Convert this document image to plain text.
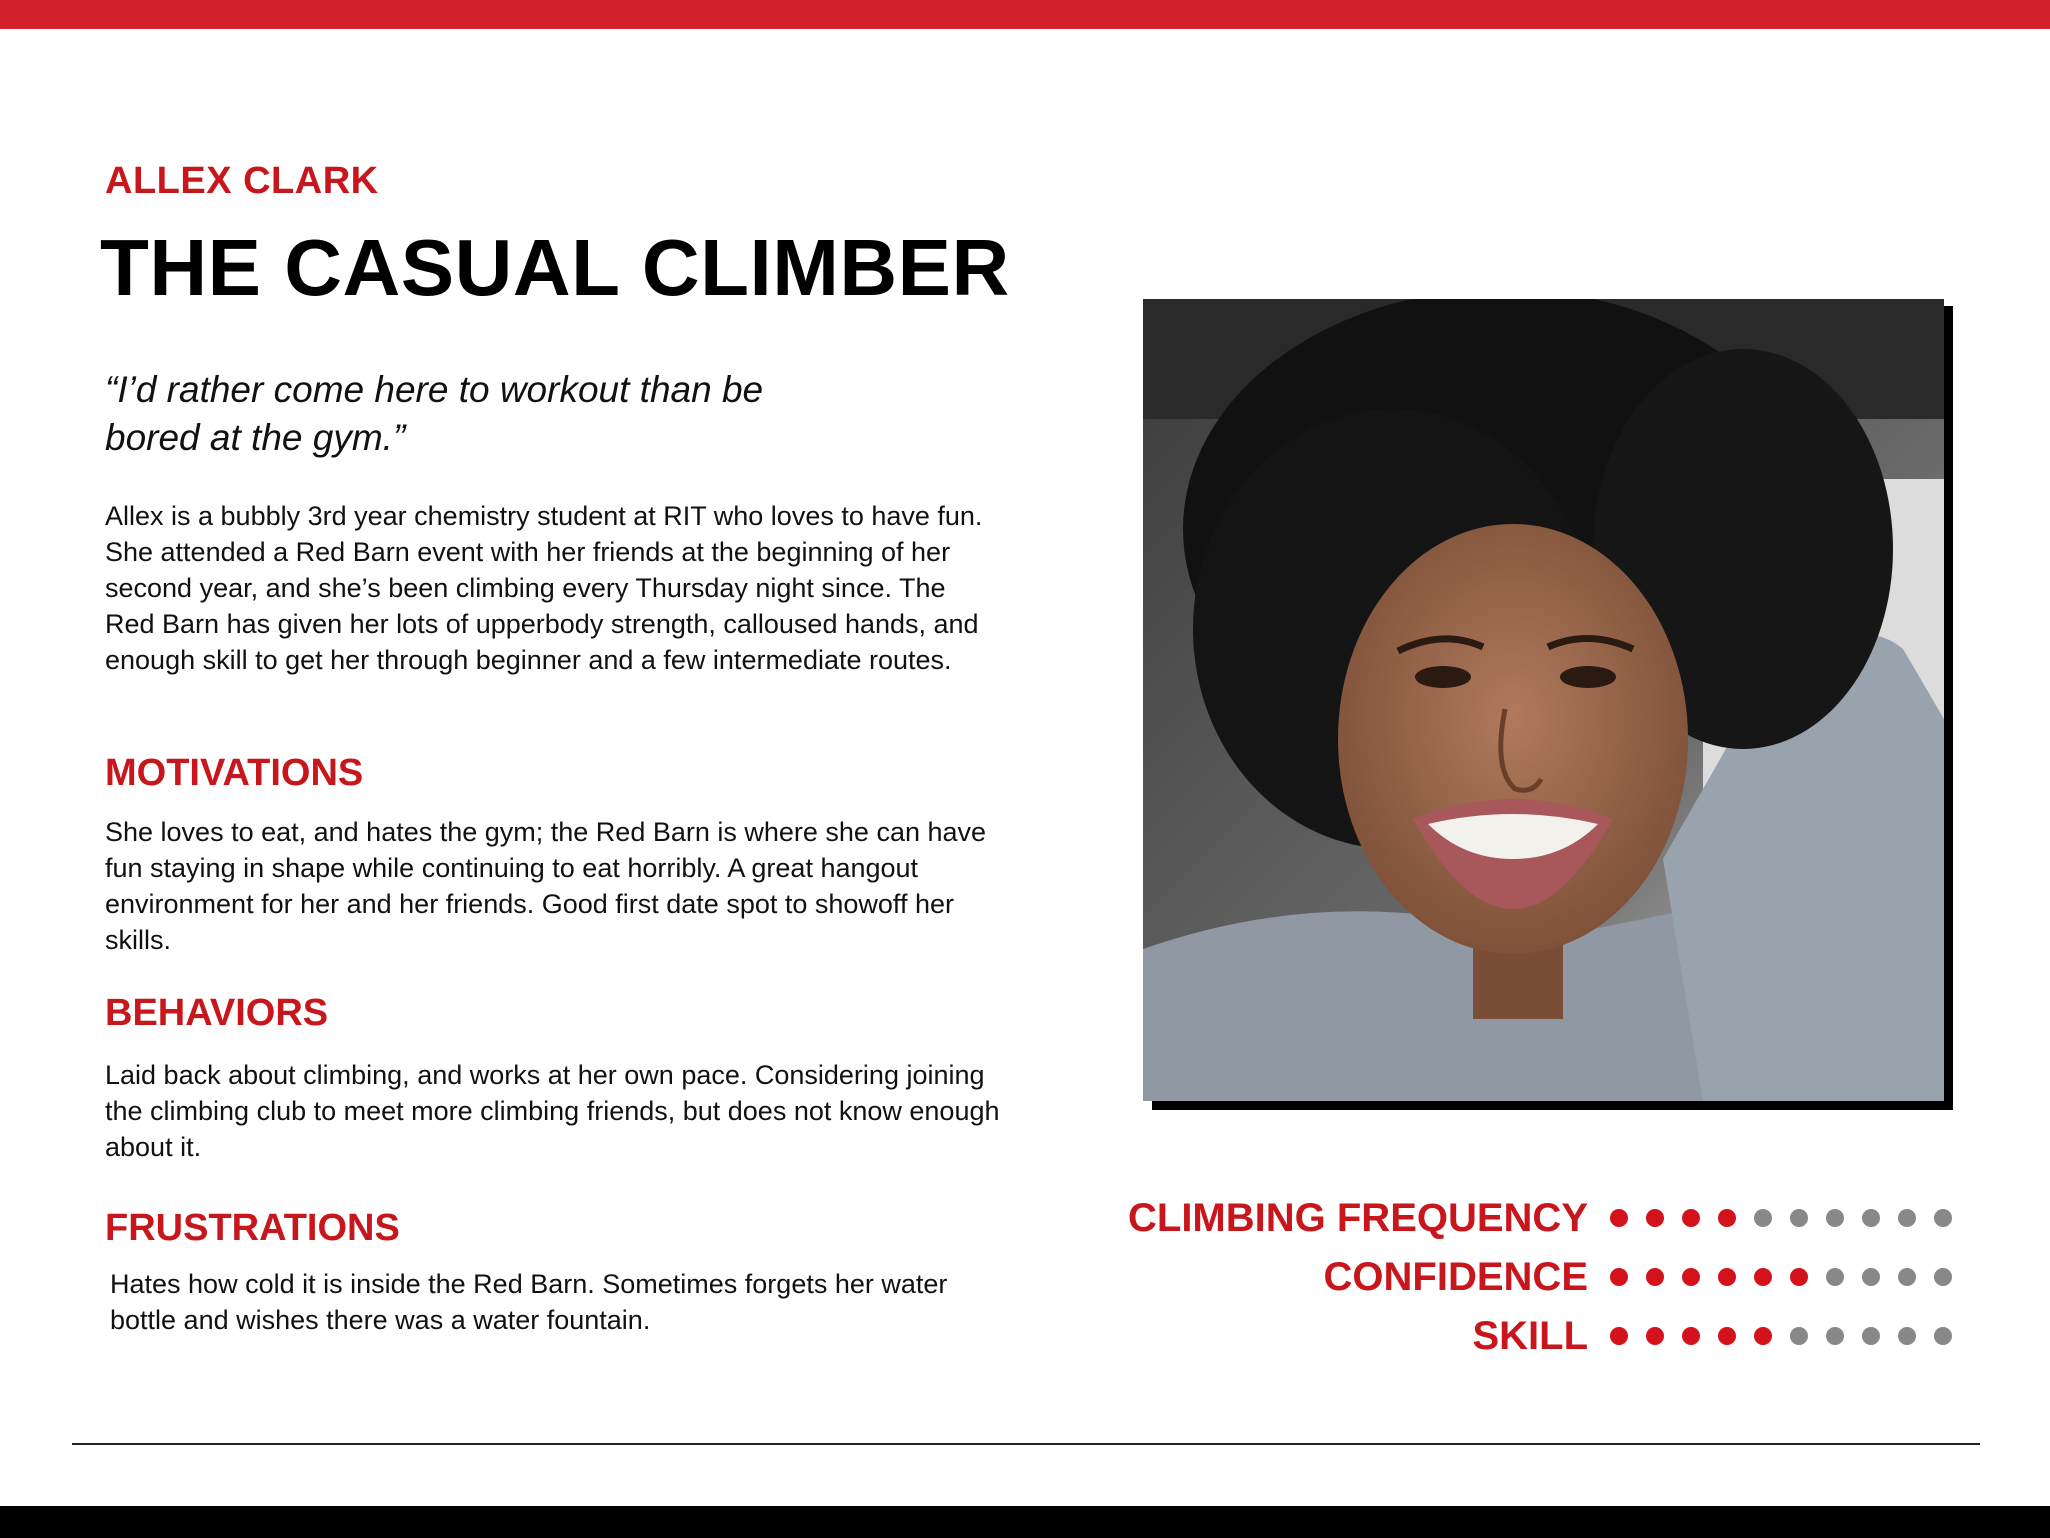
ALLEX CLARK
THE CASUAL CLIMBER

“I’d rather come here to workout than be bored at the gym.”

Allex is a bubbly 3rd year chemistry student at RIT who loves to have fun. She attended a Red Barn event with her friends at the beginning of her second year, and she’s been climbing every Thursday night since. The Red Barn has given her lots of upperbody strength, calloused hands, and enough skill to get her through beginner and a few intermediate routes.

MOTIVATIONS

She loves to eat, and hates the gym; the Red Barn is where she can have fun staying in shape while continuing to eat horribly. A great hangout environment for her and her friends. Good first date spot to showoff her skills.

BEHAVIORS

Laid back about climbing, and works at her own pace. Considering joining the climbing club to meet more climbing friends, but does not know enough about it.

FRUSTRATIONS

Hates how cold it is inside the Red Barn. Sometimes forgets her water bottle and wishes there was a water fountain.

CLIMBING FREQUENCY
CONFIDENCE
SKILL
